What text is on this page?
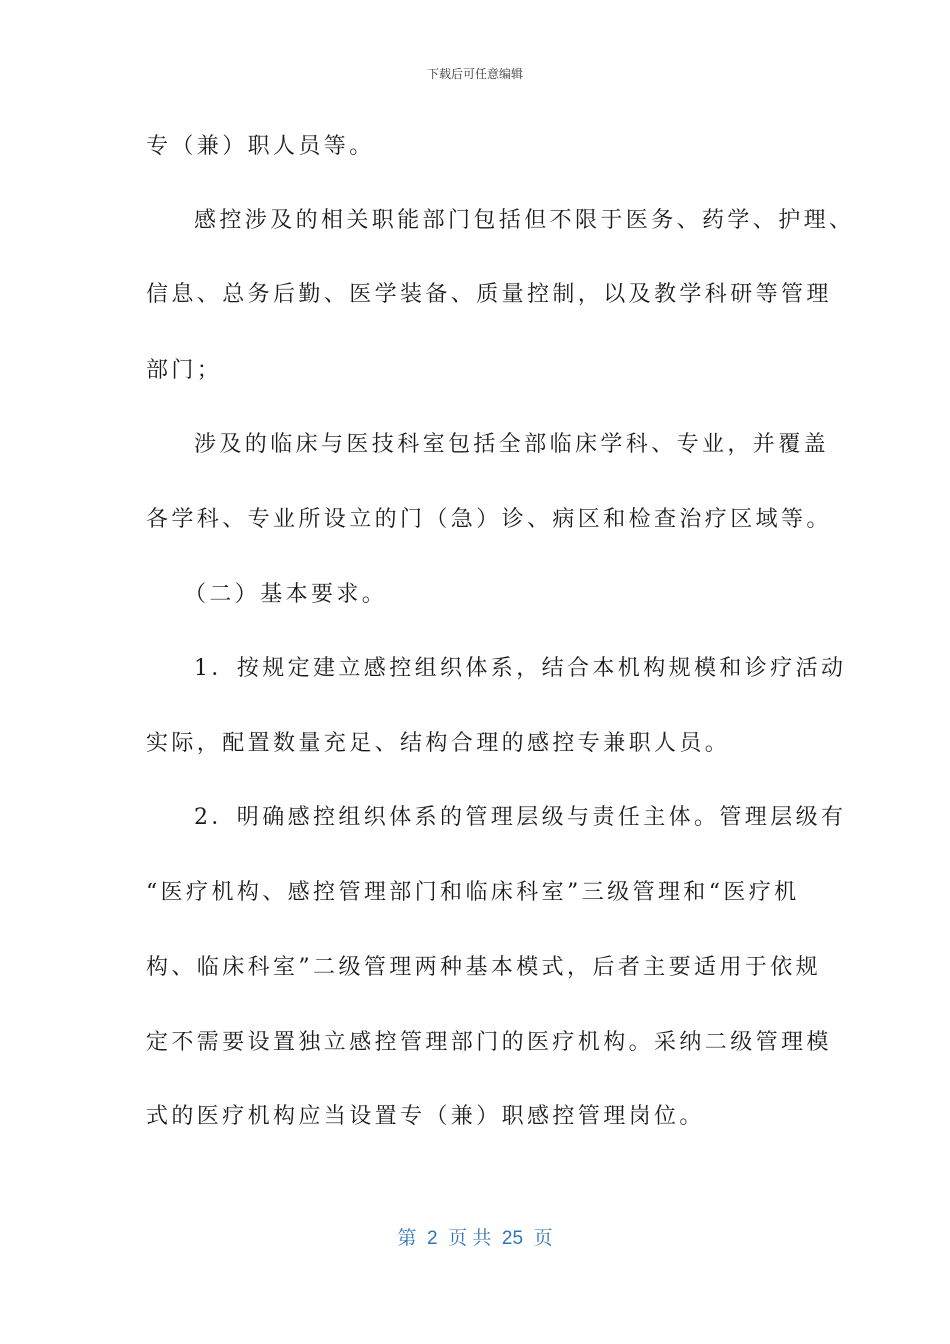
下载后可任意编辑
专（兼）职人员等。
感控涉及的相关职能部门包括但不限于医务、药学、护理、
信息、总务后勤、医学装备、质量控制，以及教学科研等管理
部门；
涉及的临床与医技科室包括全部临床学科、专业，并覆盖
各学科、专业所设立的门（急）诊、病区和检查治疗区域等。
（二）基本要求。
1．按规定建立感控组织体系，结合本机构规模和诊疗活动
实际，配置数量充足、结构合理的感控专兼职人员。
2．明确感控组织体系的管理层级与责任主体。管理层级有
“医疗机构、感控管理部门和临床科室”三级管理和“医疗机
构、临床科室”二级管理两种基本模式，后者主要适用于依规
定不需要设置独立感控管理部门的医疗机构。采纳二级管理模
式的医疗机构应当设置专（兼）职感控管理岗位。
第  2  页 共  25  页
